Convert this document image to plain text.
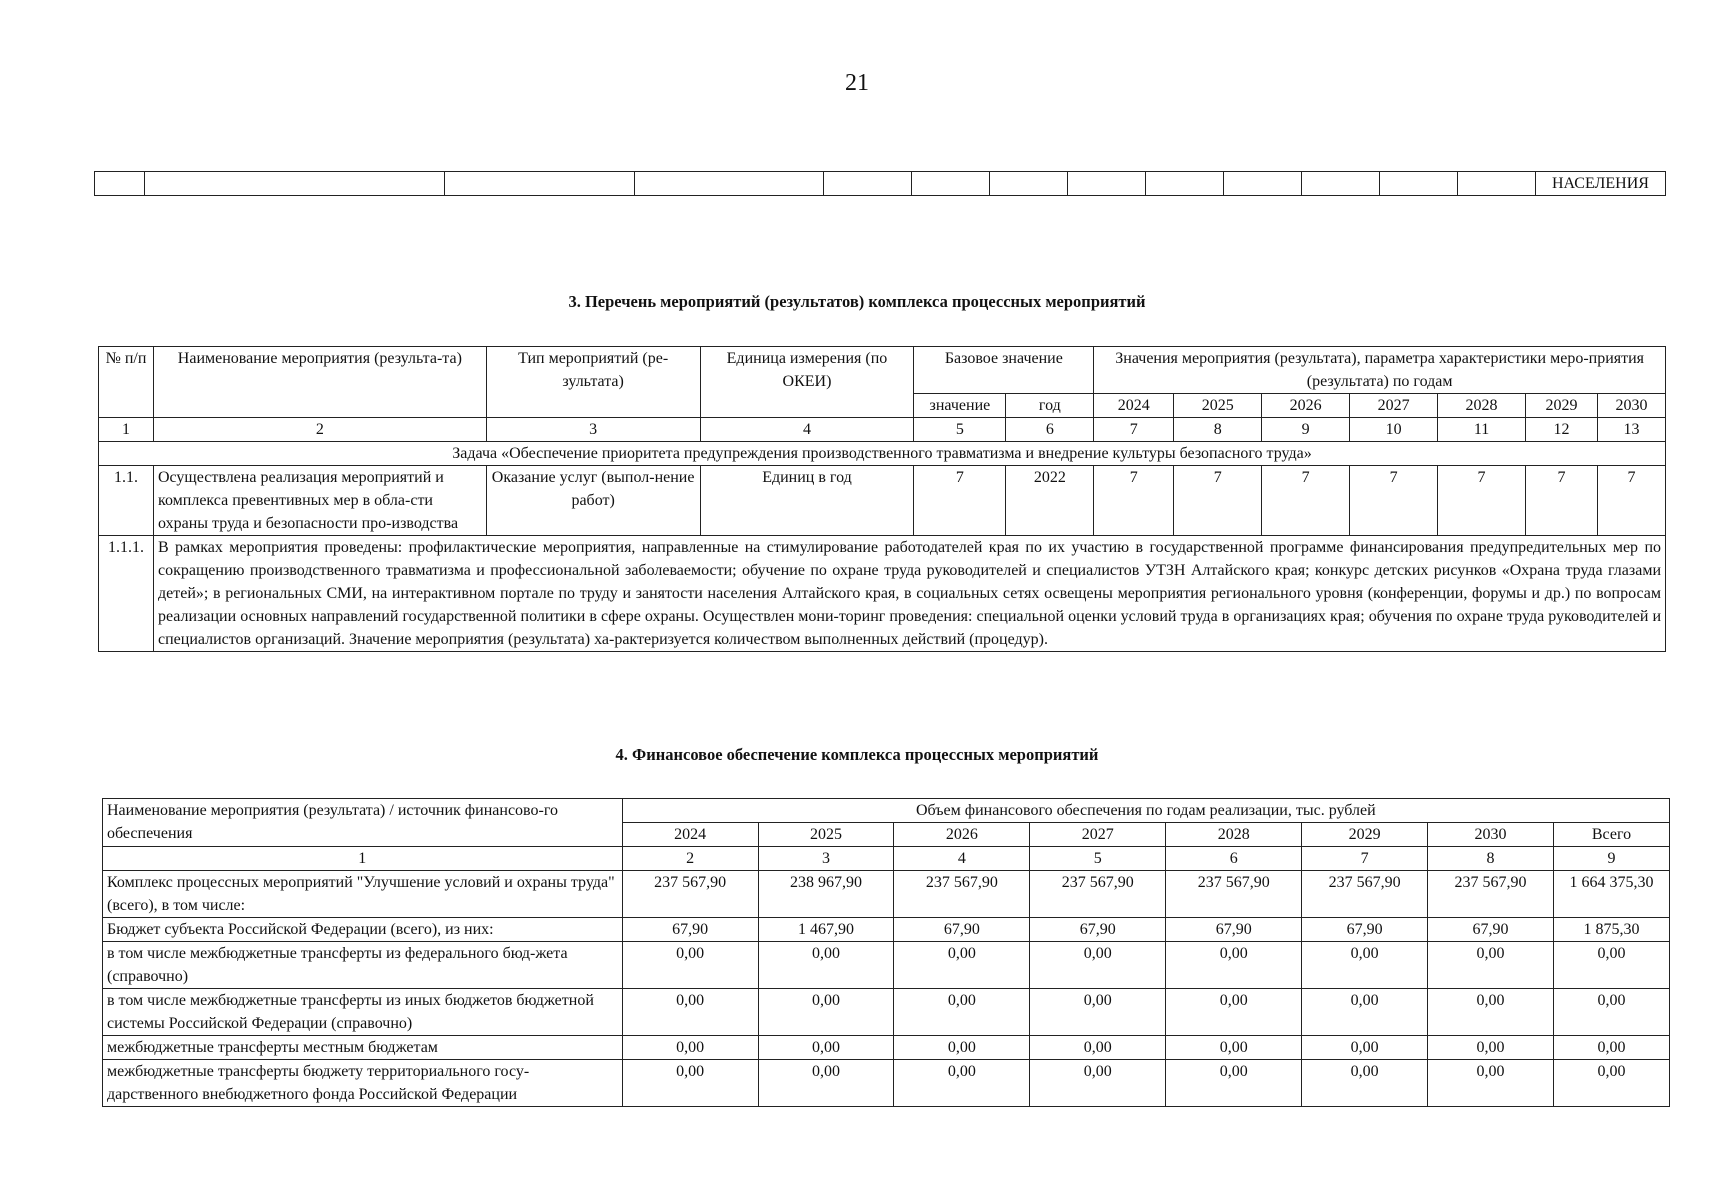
21
													НАСЕЛЕНИЯ
3. Перечень мероприятий (результатов) комплекса процессных мероприятий
№ п/п	Наименование мероприятия (результа-та)	Тип мероприятий (ре-зультата)	Единица измерения (по ОКЕИ)	Базовое значение		Значения мероприятия (результата), параметра характеристики меро-приятия (результата) по годам						
				значение	год	2024	2025	2026	2027	2028	2029	2030
1	2	3	4	5	6	7	8	9	10	11	12	13
Задача «Обеспечение приоритета предупреждения производственного травматизма и внедрение культуры безопасного труда»												
1.1.	Осуществлена реализация мероприятий и комплекса превентивных мер в обла-сти охраны труда и безопасности про-изводства	Оказание услуг (выпол-нение работ)	Единиц в год	7	2022	7	7	7	7	7	7	7
1.1.1.	В рамках мероприятия проведены: профилактические мероприятия, направленные на стимулирование работодателей края по их участию в государственной программе финансирования предупредительных мер по сокращению производственного травматизма и профессиональной заболеваемости; обучение по охране труда руководителей и специалистов УТЗН Алтайского края; конкурс детских рисунков «Охрана труда глазами детей»; в региональных СМИ, на интерактивном портале по труду и занятости населения Алтайского края, в социальных сетях освещены мероприятия регионального уровня (конференции, форумы и др.) по вопросам реализации основных направлений государственной политики в сфере охраны. Осуществлен мони-торинг проведения: специальной оценки условий труда в организациях края; обучения по охране труда руководителей и специалистов организаций. Значение мероприятия (результата) ха-рактеризуется количеством выполненных действий (процедур).											
4. Финансовое обеспечение комплекса процессных мероприятий
Наименование мероприятия (результата) / источник финансово-го обеспечения	Объем финансового обеспечения по годам реализации, тыс. рублей							
	2024	2025	2026	2027	2028	2029	2030	Всего
1	2	3	4	5	6	7	8	9
Комплекс процессных мероприятий "Улучшение условий и охраны труда" (всего), в том числе:	237 567,90	238 967,90	237 567,90	237 567,90	237 567,90	237 567,90	237 567,90	1 664 375,30
Бюджет субъекта Российской Федерации (всего), из них:	67,90	1 467,90	67,90	67,90	67,90	67,90	67,90	1 875,30
в том числе межбюджетные трансферты из федерального бюд-жета (справочно)	0,00	0,00	0,00	0,00	0,00	0,00	0,00	0,00
в том числе межбюджетные трансферты из иных бюджетов бюджетной системы Российской Федерации (справочно)	0,00	0,00	0,00	0,00	0,00	0,00	0,00	0,00
межбюджетные трансферты местным бюджетам	0,00	0,00	0,00	0,00	0,00	0,00	0,00	0,00
межбюджетные трансферты бюджету территориального госу-дарственного внебюджетного фонда Российской Федерации	0,00	0,00	0,00	0,00	0,00	0,00	0,00	0,00
